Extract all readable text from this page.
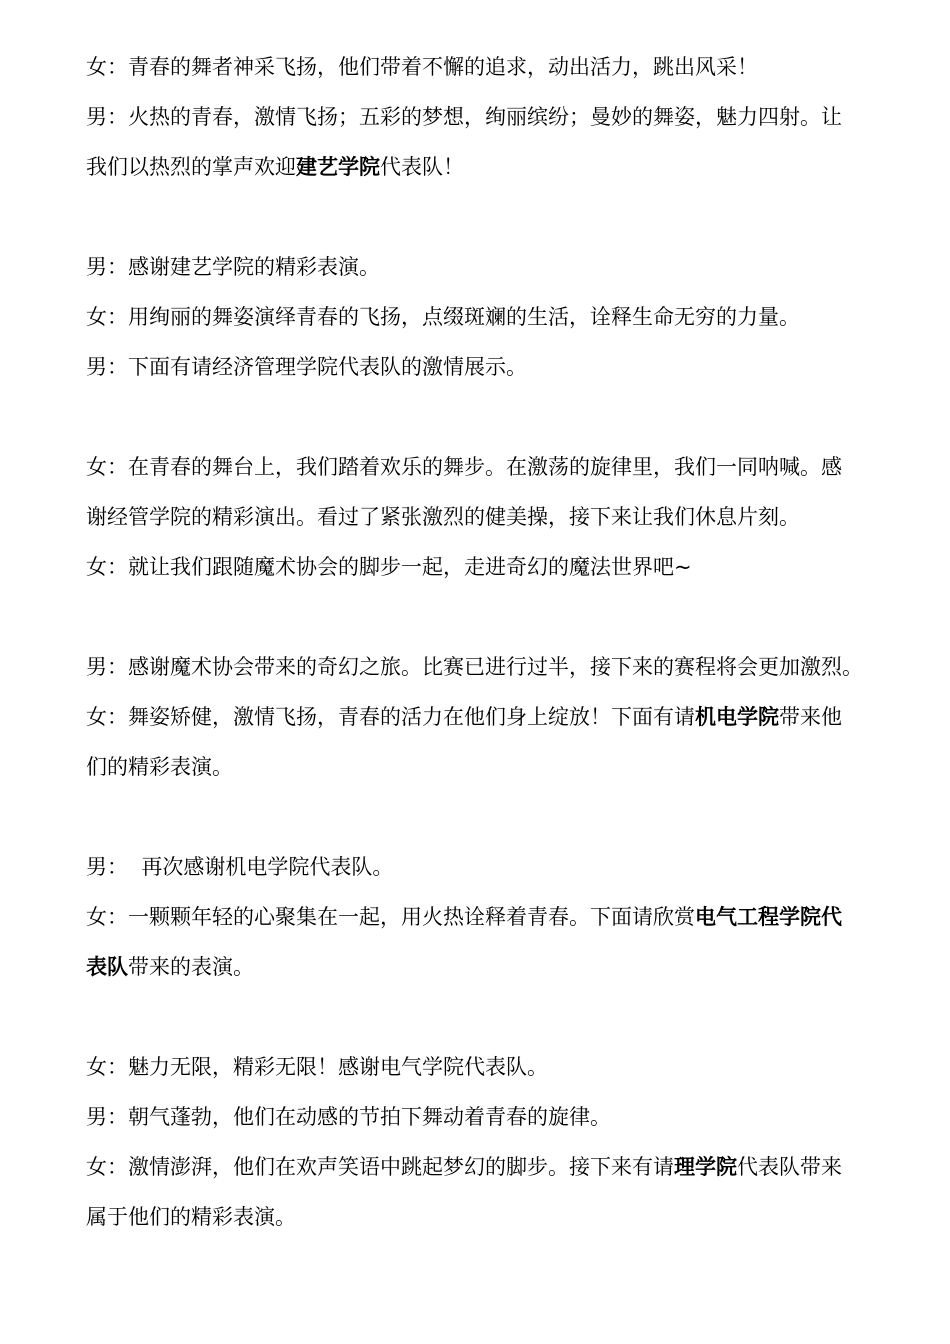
女：青春的舞者神采飞扬，他们带着不懈的追求，动出活力，跳出风采！
男：火热的青春，激情飞扬；五彩的梦想，绚丽缤纷；曼妙的舞姿，魅力四射。让
我们以热烈的掌声欢迎建艺学院代表队！
男：感谢建艺学院的精彩表演。
女：用绚丽的舞姿演绎青春的飞扬，点缀斑斓的生活，诠释生命无穷的力量。
男：下面有请经济管理学院代表队的激情展示。
女：在青春的舞台上，我们踏着欢乐的舞步。在激荡的旋律里，我们一同呐喊。感
谢经管学院的精彩演出。看过了紧张激烈的健美操，接下来让我们休息片刻。
女：就让我们跟随魔术协会的脚步一起，走进奇幻的魔法世界吧~
男：感谢魔术协会带来的奇幻之旅。比赛已进行过半，接下来的赛程将会更加激烈。
女：舞姿矫健，激情飞扬，青春的活力在他们身上绽放！下面有请机电学院带来他
们的精彩表演。
男：  再次感谢机电学院代表队。
女：一颗颗年轻的心聚集在一起，用火热诠释着青春。下面请欣赏电气工程学院代
表队带来的表演。
女：魅力无限，精彩无限！感谢电气学院代表队。
男：朝气蓬勃，他们在动感的节拍下舞动着青春的旋律。
女：激情澎湃，他们在欢声笑语中跳起梦幻的脚步。接下来有请理学院代表队带来
属于他们的精彩表演。
